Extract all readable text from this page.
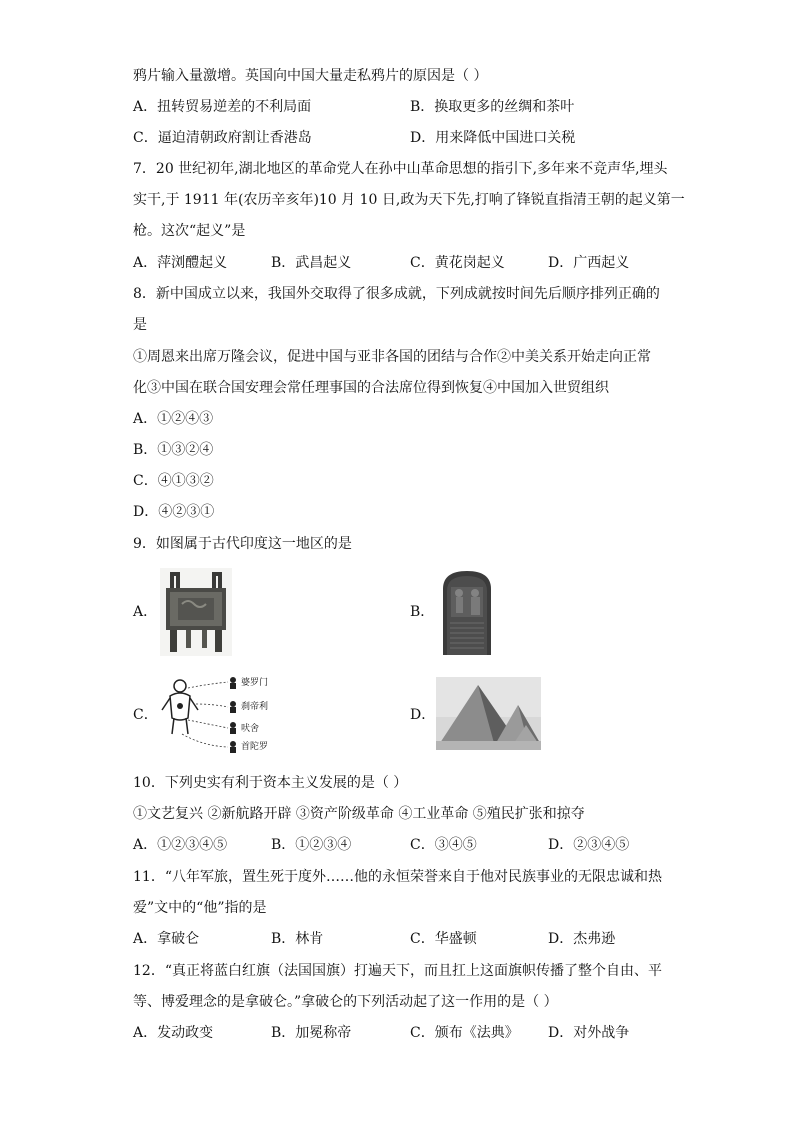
鸦片输入量激增。英国向中国大量走私鸦片的原因是（ ）
A．扭转贸易逆差的不利局面	B．换取更多的丝绸和茶叶
C．逼迫清朝政府割让香港岛	D．用来降低中国进口关税
7．20 世纪初年,湖北地区的革命党人在孙中山革命思想的指引下,多年来不竞声华,埋头
实干,于 1911 年(农历辛亥年)10 月 10 日,政为天下先,打响了锋锐直指清王朝的起义第一
枪。这次“起义”是
A．萍浏醴起义	B．武昌起义	C．黄花岗起义	D．广西起义
8．新中国成立以来，我国外交取得了很多成就，下列成就按时间先后顺序排列正确的
是
①周恩来出席万隆会议，促进中国与亚非各国的团结与合作②中美关系开始走向正常
化③中国在联合国安理会常任理事国的合法席位得到恢复④中国加入世贸组织
A．①②④③
B．①③②④
C．④①③②
D．④②③①
9．如图属于古代印度这一地区的是
A．	B．
C．
婆罗门
刹帝利
吠舍
首陀罗
D．
10．下列史实有利于资本主义发展的是（ ）
①文艺复兴 ②新航路开辟 ③资产阶级革命 ④工业革命 ⑤殖民扩张和掠夺
A．①②③④⑤	B．①②③④	C．③④⑤	D．②③④⑤
11．“八年军旅，置生死于度外……他的永恒荣誉来自于他对民族事业的无限忠诚和热
爱”文中的“他”指的是
A．拿破仑	B．林肯	C．华盛顿	D．杰弗逊
12．“真正将蓝白红旗（法国国旗）打遍天下，而且扛上这面旗帜传播了整个自由、平
等、博爱理念的是拿破仑。”拿破仑的下列活动起了这一作用的是（ ）
A．发动政变	B．加冕称帝	C．颁布《法典》 D．对外战争
